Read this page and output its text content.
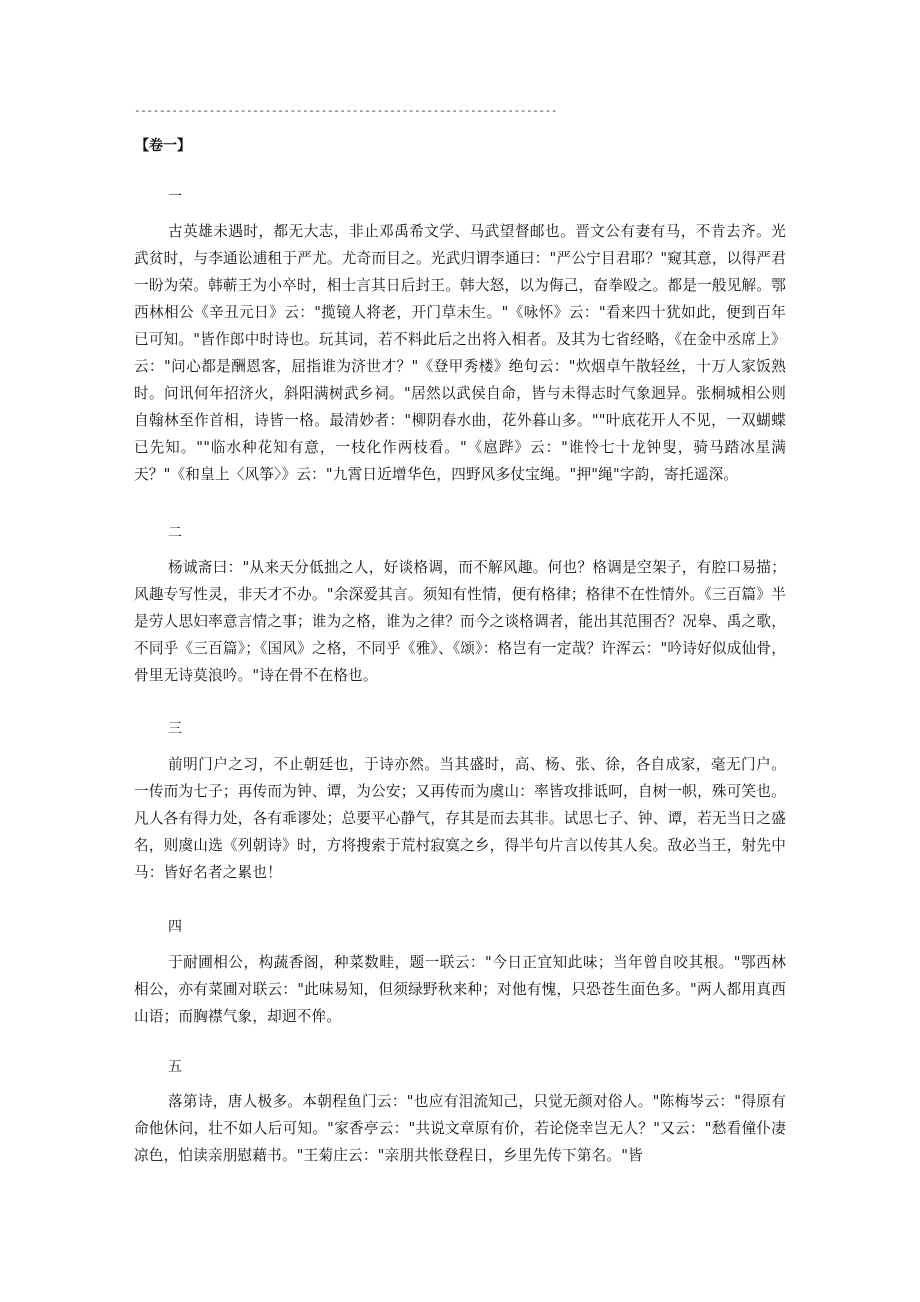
--------------------------------------------------------------------
【卷一】
一

古英雄未遇时，都无大志，非止邓禹希文学、马武望督邮也。晋文公有妻有马，不肯去齐。光武贫时，与李通讼逋租于严尤。尤奇而目之。光武归谓李通曰："严公宁目君耶？"窥其意，以得严君一盼为荣。韩蕲王为小卒时，相士言其日后封王。韩大怒，以为侮己，奋拳殴之。都是一般见解。鄂西林相公《辛丑元日》云："揽镜人将老，开门草未生。"《咏怀》云："看来四十犹如此，便到百年已可知。"皆作郎中时诗也。玩其词，若不料此后之出将入相者。及其为七省经略，《在金中丞席上》云："问心都是酬恩客，屈指谁为济世才？"《登甲秀楼》绝句云："炊烟卓午散轻丝，十万人家饭熟时。问讯何年招济火，斜阳满树武乡祠。"居然以武侯自命，皆与未得志时气象迥异。张桐城相公则自翰林至作首相，诗皆一格。最清妙者："柳阴春水曲，花外暮山多。""叶底花开人不见，一双蝴蝶已先知。""临水种花知有意，一枝化作两枝看。"《扈跸》云："谁怜七十龙钟叟，骑马踏冰星满天？"《和皇上〈风筝〉》云："九霄日近增华色，四野风多仗宝绳。"押"绳"字韵，寄托遥深。

二

杨诚斋曰："从来天分低拙之人，好谈格调，而不解风趣。何也？格调是空架子，有腔口易描；风趣专写性灵，非天才不办。"余深爱其言。须知有性情，便有格律；格律不在性情外。《三百篇》半是劳人思妇率意言情之事；谁为之格，谁为之律？而今之谈格调者，能出其范围否？况皋、禹之歌，不同乎《三百篇》；《国风》之格，不同乎《雅》、《颂》：格岂有一定哉？许浑云："吟诗好似成仙骨，骨里无诗莫浪吟。"诗在骨不在格也。

三

前明门户之习，不止朝廷也，于诗亦然。当其盛时，高、杨、张、徐，各自成家，毫无门户。一传而为七子；再传而为钟、谭，为公安；又再传而为虞山：率皆攻排诋呵，自树一帜，殊可笑也。凡人各有得力处，各有乖谬处；总要平心静气，存其是而去其非。试思七子、钟、谭，若无当日之盛名，则虞山选《列朝诗》时，方将搜索于荒村寂寞之乡，得半句片言以传其人矣。敌必当王，射先中马：皆好名者之累也！

四

于耐圃相公，构蔬香阁，种菜数畦，题一联云："今日正宜知此味；当年曾自咬其根。"鄂西林相公，亦有菜圃对联云："此味易知，但须绿野秋来种；对他有愧，只恐苍生面色多。"两人都用真西山语；而胸襟气象，却迥不侔。

五

落第诗，唐人极多。本朝程鱼门云："也应有泪流知己，只觉无颜对俗人。"陈梅岑云："得原有命他休问，壮不如人后可知。"家香亭云："共说文章原有价，若论侥幸岂无人？"又云："愁看僮仆凄凉色，怕读亲朋慰藉书。"王菊庄云："亲朋共怅登程日，乡里先传下第名。"皆
